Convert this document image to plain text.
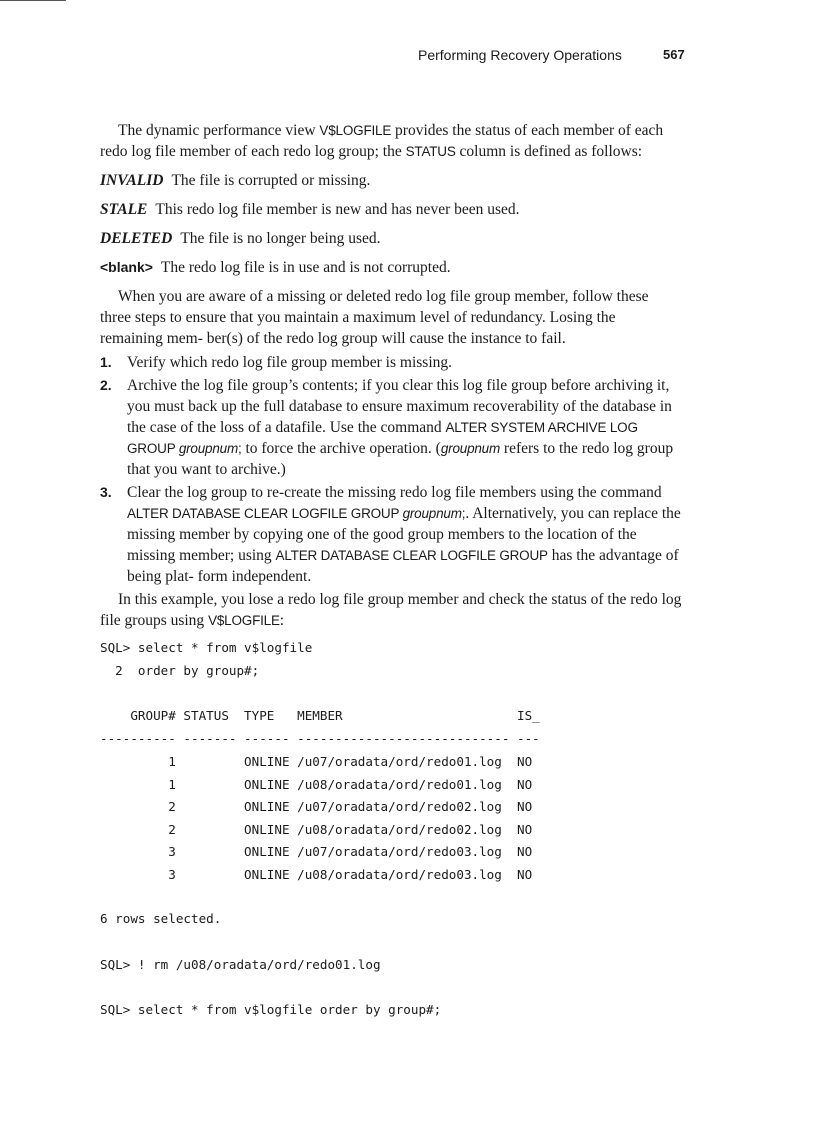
Performing Recovery Operations	567

The dynamic performance view V$LOGFILE provides the status of each member of each redo log file member of each redo log group; the STATUS column is defined as follows:

INVALID The file is corrupted or missing.

STALE This redo log file member is new and has never been used.

DELETED The file is no longer being used.

<blank> The redo log file is in use and is not corrupted.

When you are aware of a missing or deleted redo log file group member, follow these three steps to ensure that you maintain a maximum level of redundancy. Losing the remaining mem- ber(s) of the redo log group will cause the instance to fail.

1. Verify which redo log file group member is missing.
2. Archive the log file group’s contents; if you clear this log file group before archiving it, you must back up the full database to ensure maximum recoverability of the database in the case of the loss of a datafile. Use the command ALTER SYSTEM ARCHIVE LOG GROUP groupnum; to force the archive operation. (groupnum refers to the redo log group that you want to archive.)
3. Clear the log group to re-create the missing redo log file members using the command ALTER DATABASE CLEAR LOGFILE GROUP groupnum;. Alternatively, you can replace the missing member by copying one of the good group members to the location of the missing member; using ALTER DATABASE CLEAR LOGFILE GROUP has the advantage of being plat- form independent.

In this example, you lose a redo log file group member and check the status of the redo log file groups using V$LOGFILE:

SQL> select * from v$logfile
2  order by group#;
GROUP# STATUS  TYPE   MEMBER                       IS_
---------- ------- ------ ---------------------------- ---
1         ONLINE /u07/oradata/ord/redo01.log  NO
1         ONLINE /u08/oradata/ord/redo01.log  NO
2         ONLINE /u07/oradata/ord/redo02.log  NO
2         ONLINE /u08/oradata/ord/redo02.log  NO
3         ONLINE /u07/oradata/ord/redo03.log  NO
3         ONLINE /u08/oradata/ord/redo03.log  NO
6 rows selected.
SQL> ! rm /u08/oradata/ord/redo01.log
SQL> select * from v$logfile order by group#;
